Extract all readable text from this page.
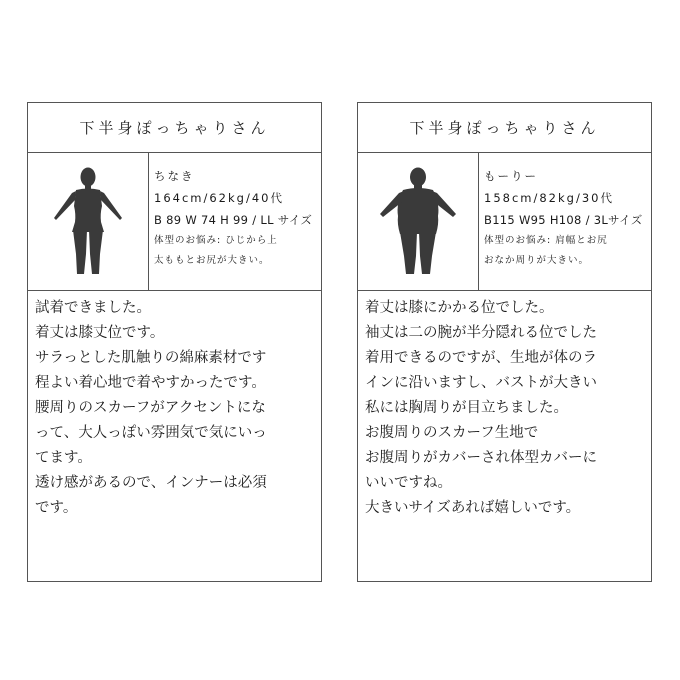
下半身ぽっちゃりさん
ちなき
164cm/62kg/40代
B 89 W 74 H 99 / LL サイズ
体型のお悩み: ひじから上
太ももとお尻が大きい。
試着できました。
着丈は膝丈位です。
サラっとした肌触りの綿麻素材です
程よい着心地で着やすかったです。
腰周りのスカーフがアクセントにな
って、大人っぽい雰囲気で気にいっ
てます。
透け感があるので、インナーは必須
です。
下半身ぽっちゃりさん
もーりー
158cm/82kg/30代
B115 W95 H108 / 3Lサイズ
体型のお悩み: 肩幅とお尻
おなか周りが大きい。
着丈は膝にかかる位でした。
袖丈は二の腕が半分隠れる位でした
着用できるのですが、生地が体のラ
インに沿いますし、バストが大きい
私には胸周りが目立ちました。
お腹周りのスカーフ生地で
お腹周りがカバーされ体型カバーに
いいですね。
大きいサイズあれば嬉しいです。
